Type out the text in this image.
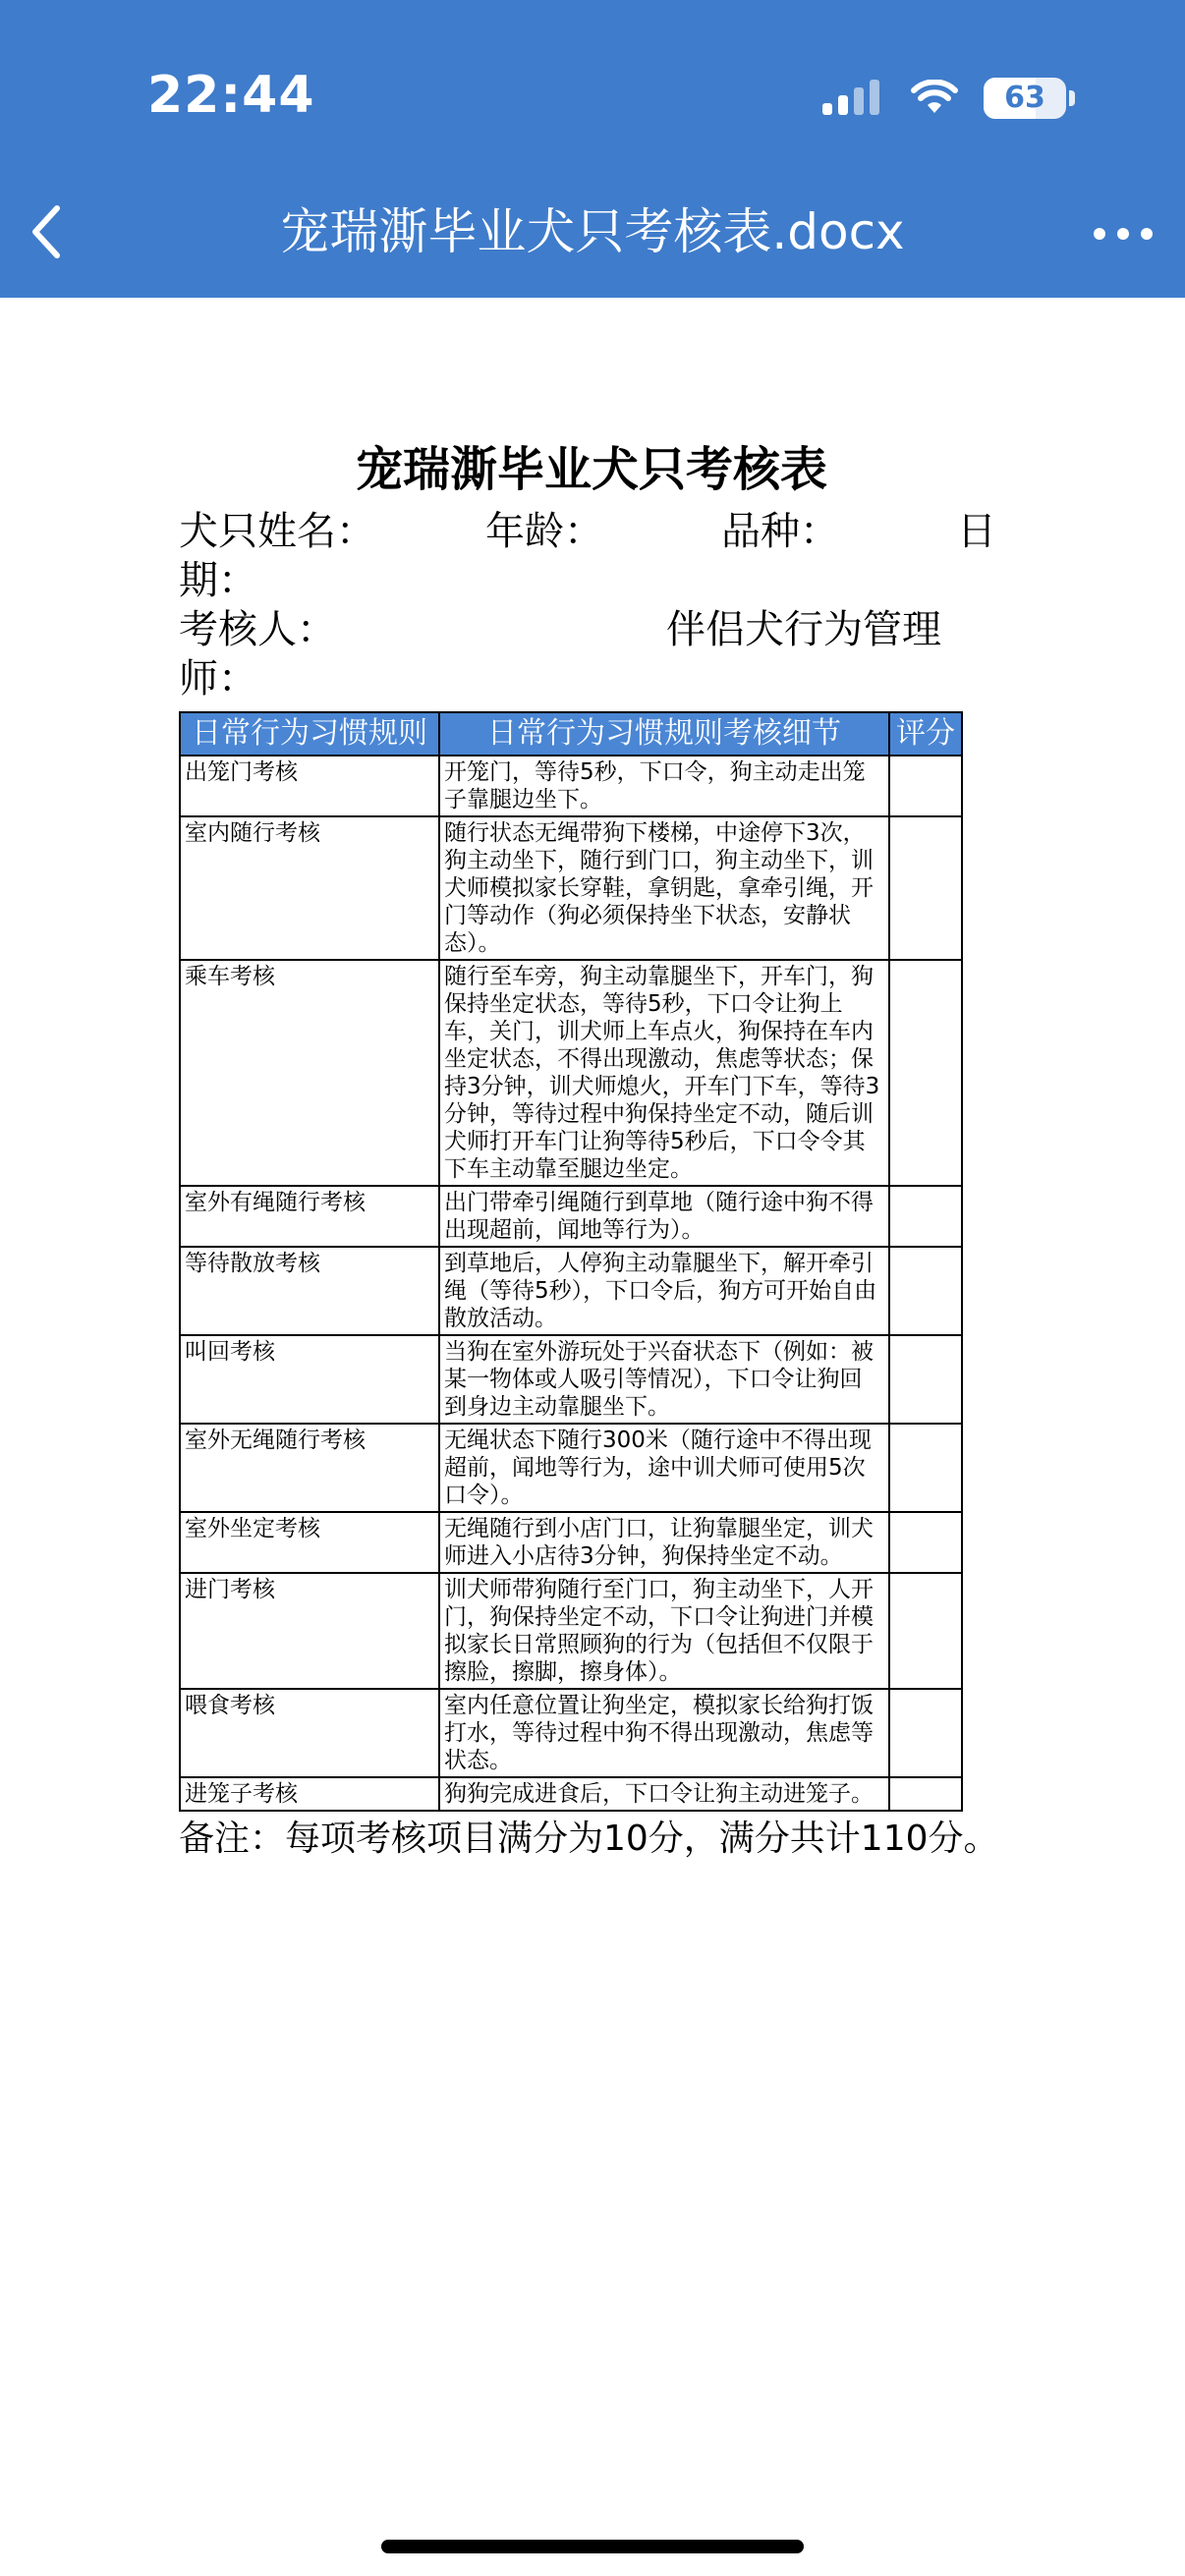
22:44	63
宠瑞澌毕业犬只考核表.docx
宠瑞澌毕业犬只考核表
犬只姓名：	年龄：	品种：	日
期：
考核人：	伴侣犬行为管理
师：
日常行为习惯规则	日常行为习惯规则考核细节	评分
出笼门考核	开笼门，等待5秒，下口令，狗主动走出笼子靠腿边坐下。	
室内随行考核	随行状态无绳带狗下楼梯，中途停下3次，狗主动坐下，随行到门口，狗主动坐下，训犬师模拟家长穿鞋，拿钥匙，拿牵引绳，开门等动作（狗必须保持坐下状态，安静状态）。	
乘车考核	随行至车旁，狗主动靠腿坐下，开车门，狗保持坐定状态，等待5秒，下口令让狗上车，关门，训犬师上车点火，狗保持在车内坐定状态，不得出现激动，焦虑等状态；保持3分钟，训犬师熄火，开车门下车，等待3分钟，等待过程中狗保持坐定不动，随后训犬师打开车门让狗等待5秒后，下口令令其下车主动靠至腿边坐定。	
室外有绳随行考核	出门带牵引绳随行到草地（随行途中狗不得出现超前，闻地等行为）。	
等待散放考核	到草地后，人停狗主动靠腿坐下，解开牵引绳（等待5秒），下口令后，狗方可开始自由散放活动。	
叫回考核	当狗在室外游玩处于兴奋状态下（例如：被某一物体或人吸引等情况），下口令让狗回到身边主动靠腿坐下。	
室外无绳随行考核	无绳状态下随行300米（随行途中不得出现超前，闻地等行为，途中训犬师可使用5次口令）。	
室外坐定考核	无绳随行到小店门口，让狗靠腿坐定，训犬师进入小店待3分钟，狗保持坐定不动。	
进门考核	训犬师带狗随行至门口，狗主动坐下，人开门，狗保持坐定不动，下口令让狗进门并模拟家长日常照顾狗的行为（包括但不仅限于擦脸，擦脚，擦身体）。	
喂食考核	室内任意位置让狗坐定，模拟家长给狗打饭打水，等待过程中狗不得出现激动，焦虑等状态。	
进笼子考核	狗狗完成进食后，下口令让狗主动进笼子。	
备注：每项考核项目满分为10分，满分共计110分。
